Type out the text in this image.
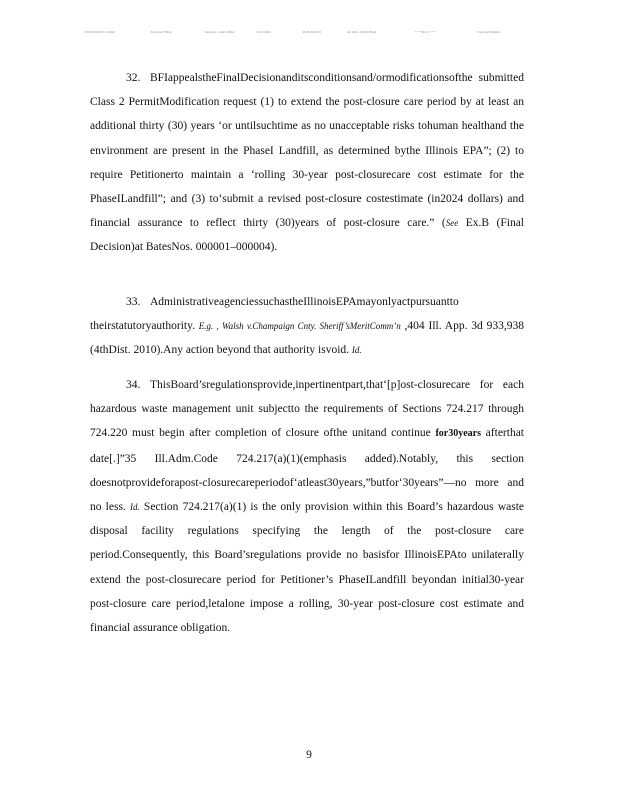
PCB 2024-033 | 10/2024	Electronic Filing	Received, Clerk's Office	10/21/2024	PCB 2024-033	AC 2024 - Public Filing	* * * PC# 1 * * *	Transcript Exhibits

32. BFIappealstheFinalDecisionanditsconditionsand/ormodificationsofthe submitted Class 2 PermitModification request (1) to extend the post-closure care period by at least an additional thirty (30) years ‘or untilsuchtime as no unacceptable risks tohuman healthand the environment are present in the PhaseI Landfill, as determined bythe Illinois EPA”; (2) to require Petitionerto maintain a ‘rolling 30-year post-closurecare cost estimate for the PhaseILandfill”; and (3) to‘submit a revised post-closure costestimate (in2024 dollars) and financial assurance to reflect thirty (30)years of post-closure care.” (See Ex.B (Final Decision)at BatesNos. 000001–000004).

33. AdministrativeagenciessuchastheIllinoisEPAmayonlyactpursuantto theirstatutoryauthority. E.g. , Walsh v.Champaign Cnty. Sheriff’sMeritComm’n ,404 Ill. App. 3d 933,938 (4thDist. 2010).Any action beyond that authority isvoid. Id.

34. ThisBoard’sregulationsprovide,inpertinentpart,that‘[p]ost-closurecare for each hazardous waste management unit subjectto the requirements of Sections 724.217 through 724.220 must begin after completion of closure ofthe unitand continue for30years afterthat date[.]”35 Ill.Adm.Code 724.217(a)(1)(emphasis added).Notably, this section doesnotprovideforapost-closurecareperiodof‘atleast30years,”butfor‘30years”—no more and no less. Id. Section 724.217(a)(1) is the only provision within this Board’s hazardous waste disposal facility regulations specifying the length of the post-closure care period.Consequently, this Board’sregulations provide no basisfor IllinoisEPAto unilaterally extend the post-closurecare period for Petitioner’s PhaseILandfill beyondan initial30-year post-closure care period,letalone impose a rolling, 30-year post-closure cost estimate and financial assurance obligation.

9
